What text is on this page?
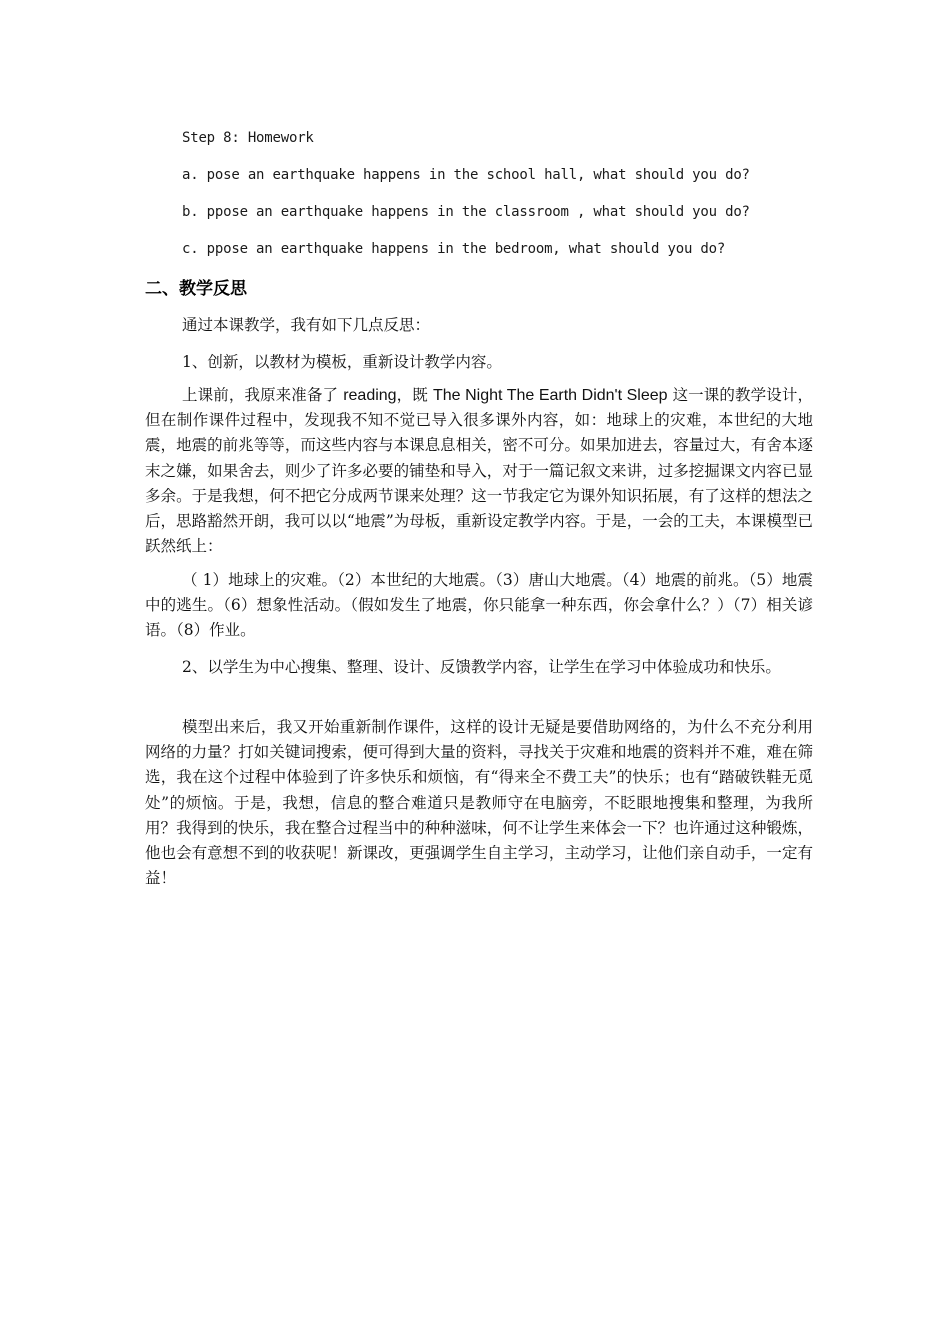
Step 8: Homework
a. pose an earthquake happens in the school hall, what should you do?
b. ppose an earthquake happens in the classroom , what should you do?
c. ppose an earthquake happens in the bedroom, what should you do?
二、教学反思
通过本课教学，我有如下几点反思：
1、创新，以教材为模板，重新设计教学内容。

上课前，我原来准备了 reading，既 The Night The Earth Didn't Sleep 这一课的教学设计，但在制作课件过程中，发现我不知不觉已导入很多课外内容，如：地球上的灾难，本世纪的大地震，地震的前兆等等，而这些内容与本课息息相关，密不可分。如果加进去，容量过大，有舍本逐末之嫌，如果舍去，则少了许多必要的铺垫和导入，对于一篇记叙文来讲，过多挖掘课文内容已显多余。于是我想，何不把它分成两节课来处理？这一节我定它为课外知识拓展，有了这样的想法之后，思路豁然开朗，我可以以“地震”为母板，重新设定教学内容。于是，一会的工夫，本课模型已跃然纸上：

（ 1）地球上的灾难。（2）本世纪的大地震。（3）唐山大地震。（4）地震的前兆。（5）地震中的逃生。（6）想象性活动。（假如发生了地震，你只能拿一种东西，你会拿什么？）（7）相关谚语。（8）作业。

2、以学生为中心搜集、整理、设计、反馈教学内容，让学生在学习中体验成功和快乐。

模型出来后，我又开始重新制作课件，这样的设计无疑是要借助网络的，为什么不充分利用网络的力量？打如关键词搜索，便可得到大量的资料，寻找关于灾难和地震的资料并不难，难在筛选，我在这个过程中体验到了许多快乐和烦恼，有“得来全不费工夫”的快乐；也有“踏破铁鞋无觅处”的烦恼。于是，我想，信息的整合难道只是教师守在电脑旁，不眨眼地搜集和整理，为我所用？我得到的快乐，我在整合过程当中的种种滋味，何不让学生来体会一下？也许通过这种锻炼，他也会有意想不到的收获呢！新课改，更强调学生自主学习，主动学习，让他们亲自动手，一定有益！
